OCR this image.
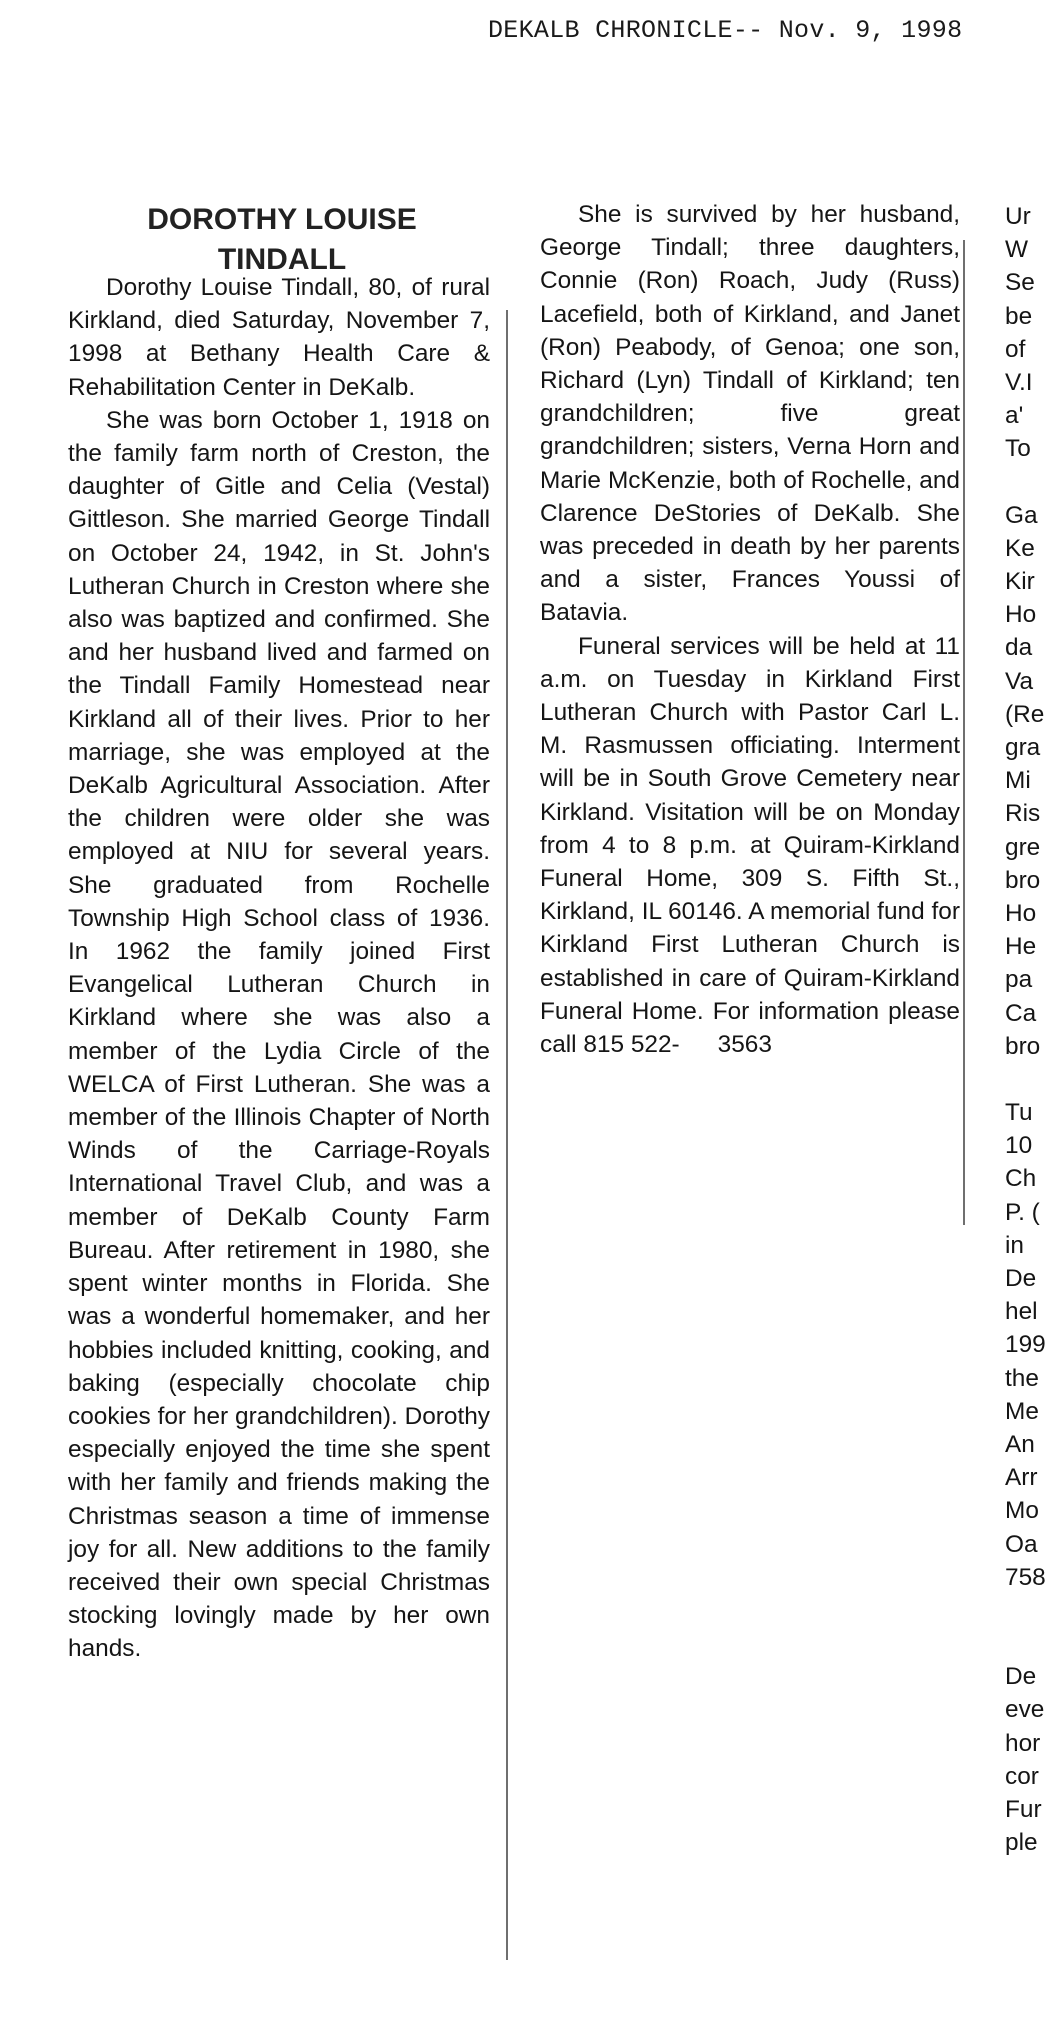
DEKALB CHRONICLE-- Nov. 9, 1998
DOROTHY LOUISE
TINDALL

Dorothy Louise Tindall, 80, of rural Kirkland, died Saturday, November 7, 1998 at Bethany Health Care & Rehabilitation Center in DeKalb.

She was born October 1, 1918 on the family farm north of Creston, the daughter of Gitle and Celia (Vestal) Gittleson. She married George Tindall on October 24, 1942, in St. John's Lutheran Church in Creston where she also was baptized and confirmed. She and her husband lived and farmed on the Tindall Family Homestead near Kirkland all of their lives. Prior to her marriage, she was employed at the DeKalb Agricultural Association. After the children were older she was employed at NIU for several years. She graduated from Rochelle Township High School class of 1936. In 1962 the family joined First Evangelical Lutheran Church in Kirkland where she was also a member of the Lydia Circle of the WELCA of First Lutheran. She was a member of the Illinois Chapter of North Winds of the Carriage-Royals International Travel Club, and was a member of DeKalb County Farm Bureau. After retirement in 1980, she spent winter months in Florida. She was a wonderful homemaker, and her hobbies included knitting, cooking, and baking (especially chocolate chip cookies for her grandchildren). Dorothy especially enjoyed the time she spent with her family and friends making the Christmas season a time of immense joy for all. New additions to the family received their own special Christmas stocking lovingly made by her own hands.

She is survived by her husband, George Tindall; three daughters, Connie (Ron) Roach, Judy (Russ) Lacefield, both of Kirkland, and Janet (Ron) Peabody, of Genoa; one son, Richard (Lyn) Tindall of Kirkland; ten grandchildren; five great grandchildren; sisters, Verna Horn and Marie McKenzie, both of Rochelle, and Clarence DeStories of DeKalb. She was preceded in death by her parents and a sister, Frances Youssi of Batavia.

Funeral services will be held at 11 a.m. on Tuesday in Kirkland First Lutheran Church with Pastor Carl L. M. Rasmussen officiating. Interment will be in South Grove Cemetery near Kirkland. Visitation will be on Monday from 4 to 8 p.m. at Quiram-Kirkland Funeral Home, 309 S. Fifth St., Kirkland, IL 60146. A memorial fund for Kirkland First Lutheran Church is established in care of Quiram-Kirkland Funeral Home. For information please call 815 522- 3563

Ur
W
Se
be
of
V.I
a'
To
Ga
Ke
Kir
Ho
da
Va
(Re
gra
Mi
Ris
gre
bro
Ho
He
pa
Ca
bro
Tu
10
Ch
P. (
in
De
hel
199
the
Me
An
Arr
Mo
Oa
758
De
eve
hor
cor
Fur
ple
